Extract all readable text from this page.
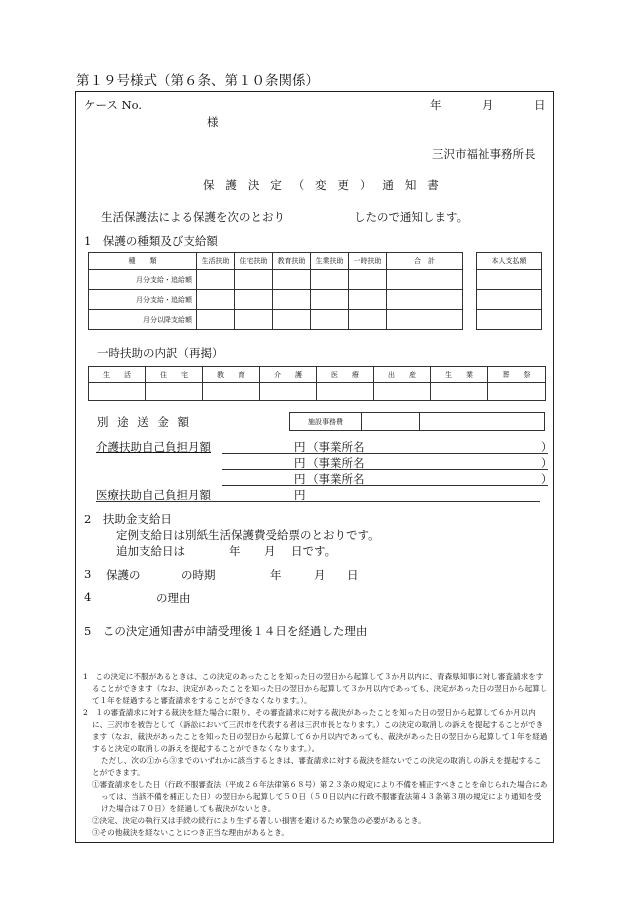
第１９号様式（第６条、第１０条関係）
ケース No.	年	月	日
様
三沢市福祉事務所長
保護決定（変更）通知書
生活保護法による保護を次のとおり	したので通知します。
1　保護の種類及び支給額
種　　類	生活扶助	住宅扶助	教育扶助	生業扶助	一時扶助	合　計
月分支給・追給額						
月分支給・追給額						
月分以降支給額						
本人支払額

一時扶助の内訳（再掲）
生　　活	住　　宅	教　　育	介　　護	医　　療	出　　産	生　　業	葬　　祭

別途送金額	施設事務費		
介護扶助自己負担月額	円 （事業所名	）
円 （事業所名	）
円 （事業所名	）
医療扶助自己負担月額	円
2　扶助金支給日
定例支給日は別紙生活保護費受給票のとおりです。
追加支給日は	年 月 日です。
3 保護の	の時期	年	月 日
4	の理由
5　この決定通知書が申請受理後１４日を経過した理由

1　この決定に不服があるときは、この決定のあったことを知った日の翌日から起算して３か月以内に、青森県知事に対し審査請求をすることができます（なお、決定があったことを知った日の翌日から起算して３か月以内であっても、決定があった日の翌日から起算して１年を経過すると審査請求をすることができなくなります。）。

2　１の審査請求に対する裁決を経た場合に限り、その審査請求に対する裁決があったことを知った日の翌日から起算して６か月以内に、三沢市を被告として（訴訟において三沢市を代表する者は三沢市長となります。）この決定の取消しの訴えを提起することができます（なお、裁決があったことを知った日の翌日から起算して６か月以内であっても、裁決があった日の翌日から起算して１年を経過すると決定の取消しの訴えを提起することができなくなります。）。

ただし、次の①から③までのいずれかに該当するときは、審査請求に対する裁決を経ないでこの決定の取消しの訴えを提起することができます。

①審査請求をした日（行政不服審査法（平成２６年法律第６８号）第２３条の規定により不備を補正すべきことを命じられた場合にあっては、当該不備を補正した日）の翌日から起算して５０日（５０日以内に行政不服審査法第４３条第３項の規定により通知を受けた場合は７０日）を経過しても裁決がないとき。

②決定、決定の執行又は手続の続行により生ずる著しい損害を避けるため緊急の必要があるとき。

③その他裁決を経ないことにつき正当な理由があるとき。
